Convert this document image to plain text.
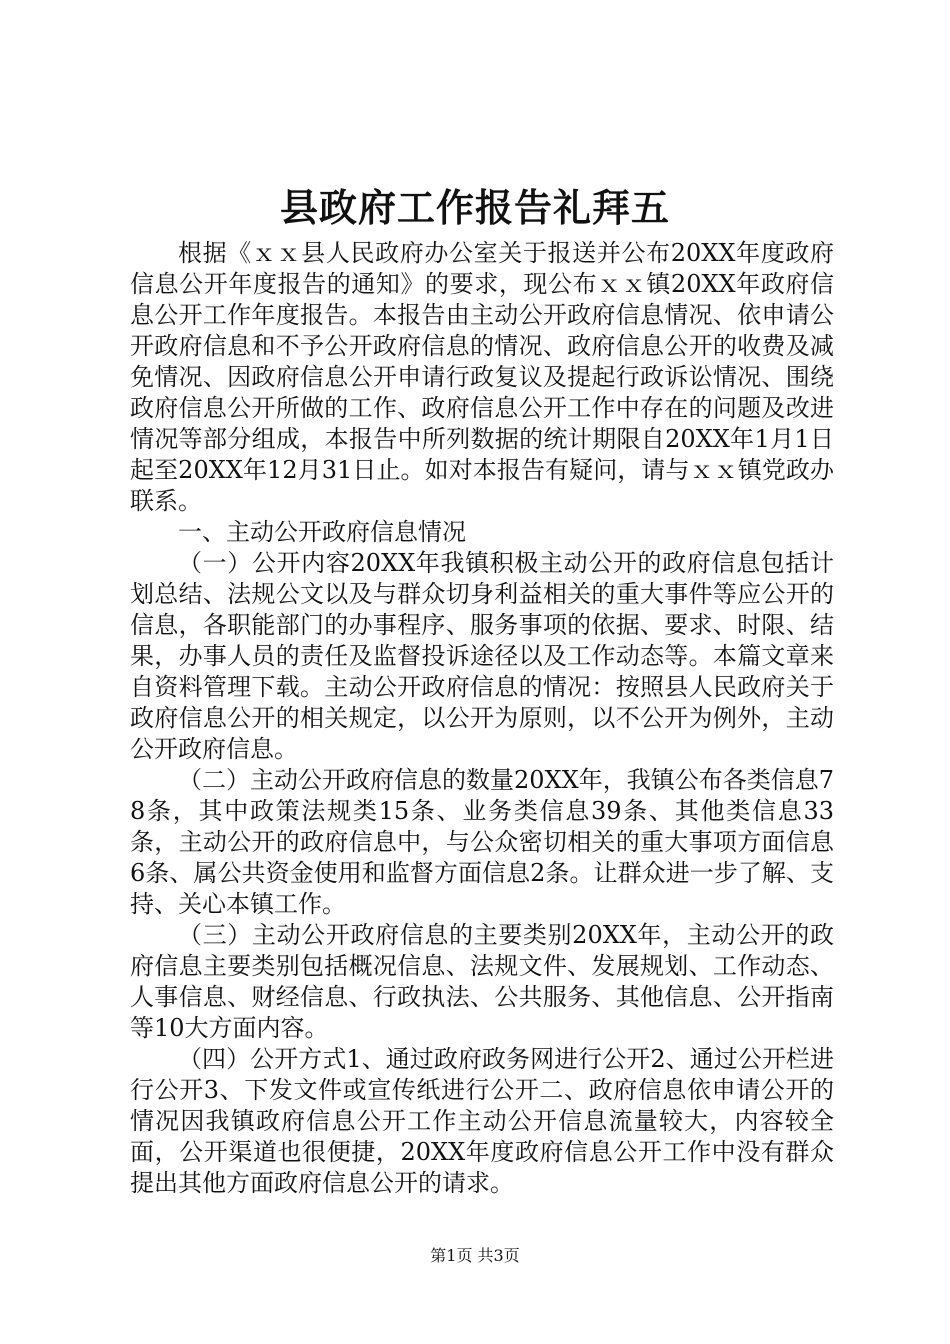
县政府工作报告礼拜五

根据《ｘｘ县人民政府办公室关于报送并公布20XX年度政府信息公开年度报告的通知》的要求，现公布ｘｘ镇20XX年政府信息公开工作年度报告。本报告由主动公开政府信息情况、依申请公开政府信息和不予公开政府信息的情况、政府信息公开的收费及减免情况、因政府信息公开申请行政复议及提起行政诉讼情况、围绕政府信息公开所做的工作、政府信息公开工作中存在的问题及改进情况等部分组成，本报告中所列数据的统计期限自20XX年1月1日起至20XX年12月31日止。如对本报告有疑问，请与ｘｘ镇党政办联系。

一、主动公开政府信息情况

（一）公开内容20XX年我镇积极主动公开的政府信息包括计划总结、法规公文以及与群众切身利益相关的重大事件等应公开的信息，各职能部门的办事程序、服务事项的依据、要求、时限、结果，办事人员的责任及监督投诉途径以及工作动态等。本篇文章来自资料管理下载。主动公开政府信息的情况：按照县人民政府关于政府信息公开的相关规定，以公开为原则，以不公开为例外，主动公开政府信息。

（二）主动公开政府信息的数量20XX年，我镇公布各类信息78条，其中政策法规类15条、业务类信息39条、其他类信息33条，主动公开的政府信息中，与公众密切相关的重大事项方面信息6条、属公共资金使用和监督方面信息2条。让群众进一步了解、支持、关心本镇工作。

（三）主动公开政府信息的主要类别20XX年，主动公开的政府信息主要类别包括概况信息、法规文件、发展规划、工作动态、人事信息、财经信息、行政执法、公共服务、其他信息、公开指南等10大方面内容。

（四）公开方式1、通过政府政务网进行公开2、通过公开栏进行公开3、下发文件或宣传纸进行公开二、政府信息依申请公开的情况因我镇政府信息公开工作主动公开信息流量较大，内容较全面，公开渠道也很便捷，20XX年度政府信息公开工作中没有群众提出其他方面政府信息公开的请求。

第1页 共3页
